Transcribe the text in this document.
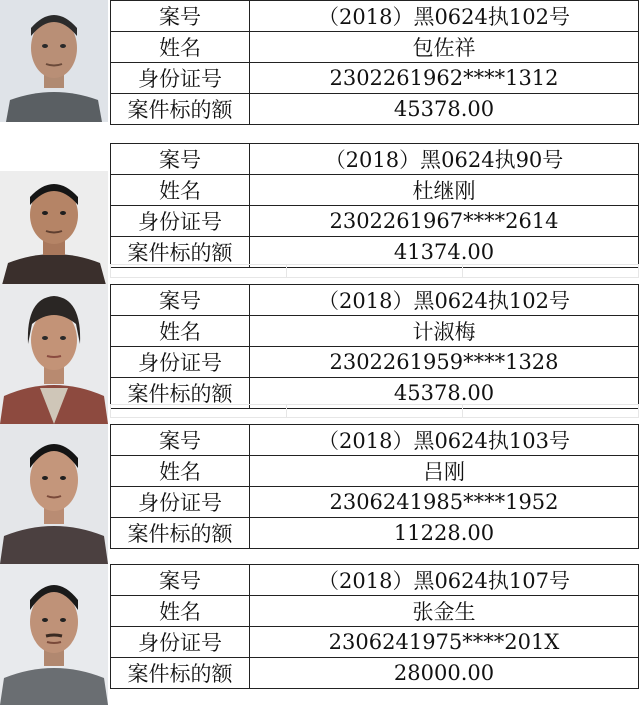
案号	（2018）黑0624执102号
姓名	包佐祥
身份证号	2302261962****1312
案件标的额	45378.00
案号	（2018）黑0624执90号
姓名	杜继刚
身份证号	2302261967****2614
案件标的额	41374.00

案号	（2018）黑0624执102号
姓名	计淑梅
身份证号	2302261959****1328
案件标的额	45378.00

案号	（2018）黑0624执103号
姓名	吕刚
身份证号	2306241985****1952
案件标的额	11228.00
案号	（2018）黑0624执107号
姓名	张金生
身份证号	2306241975****201X
案件标的额	28000.00
